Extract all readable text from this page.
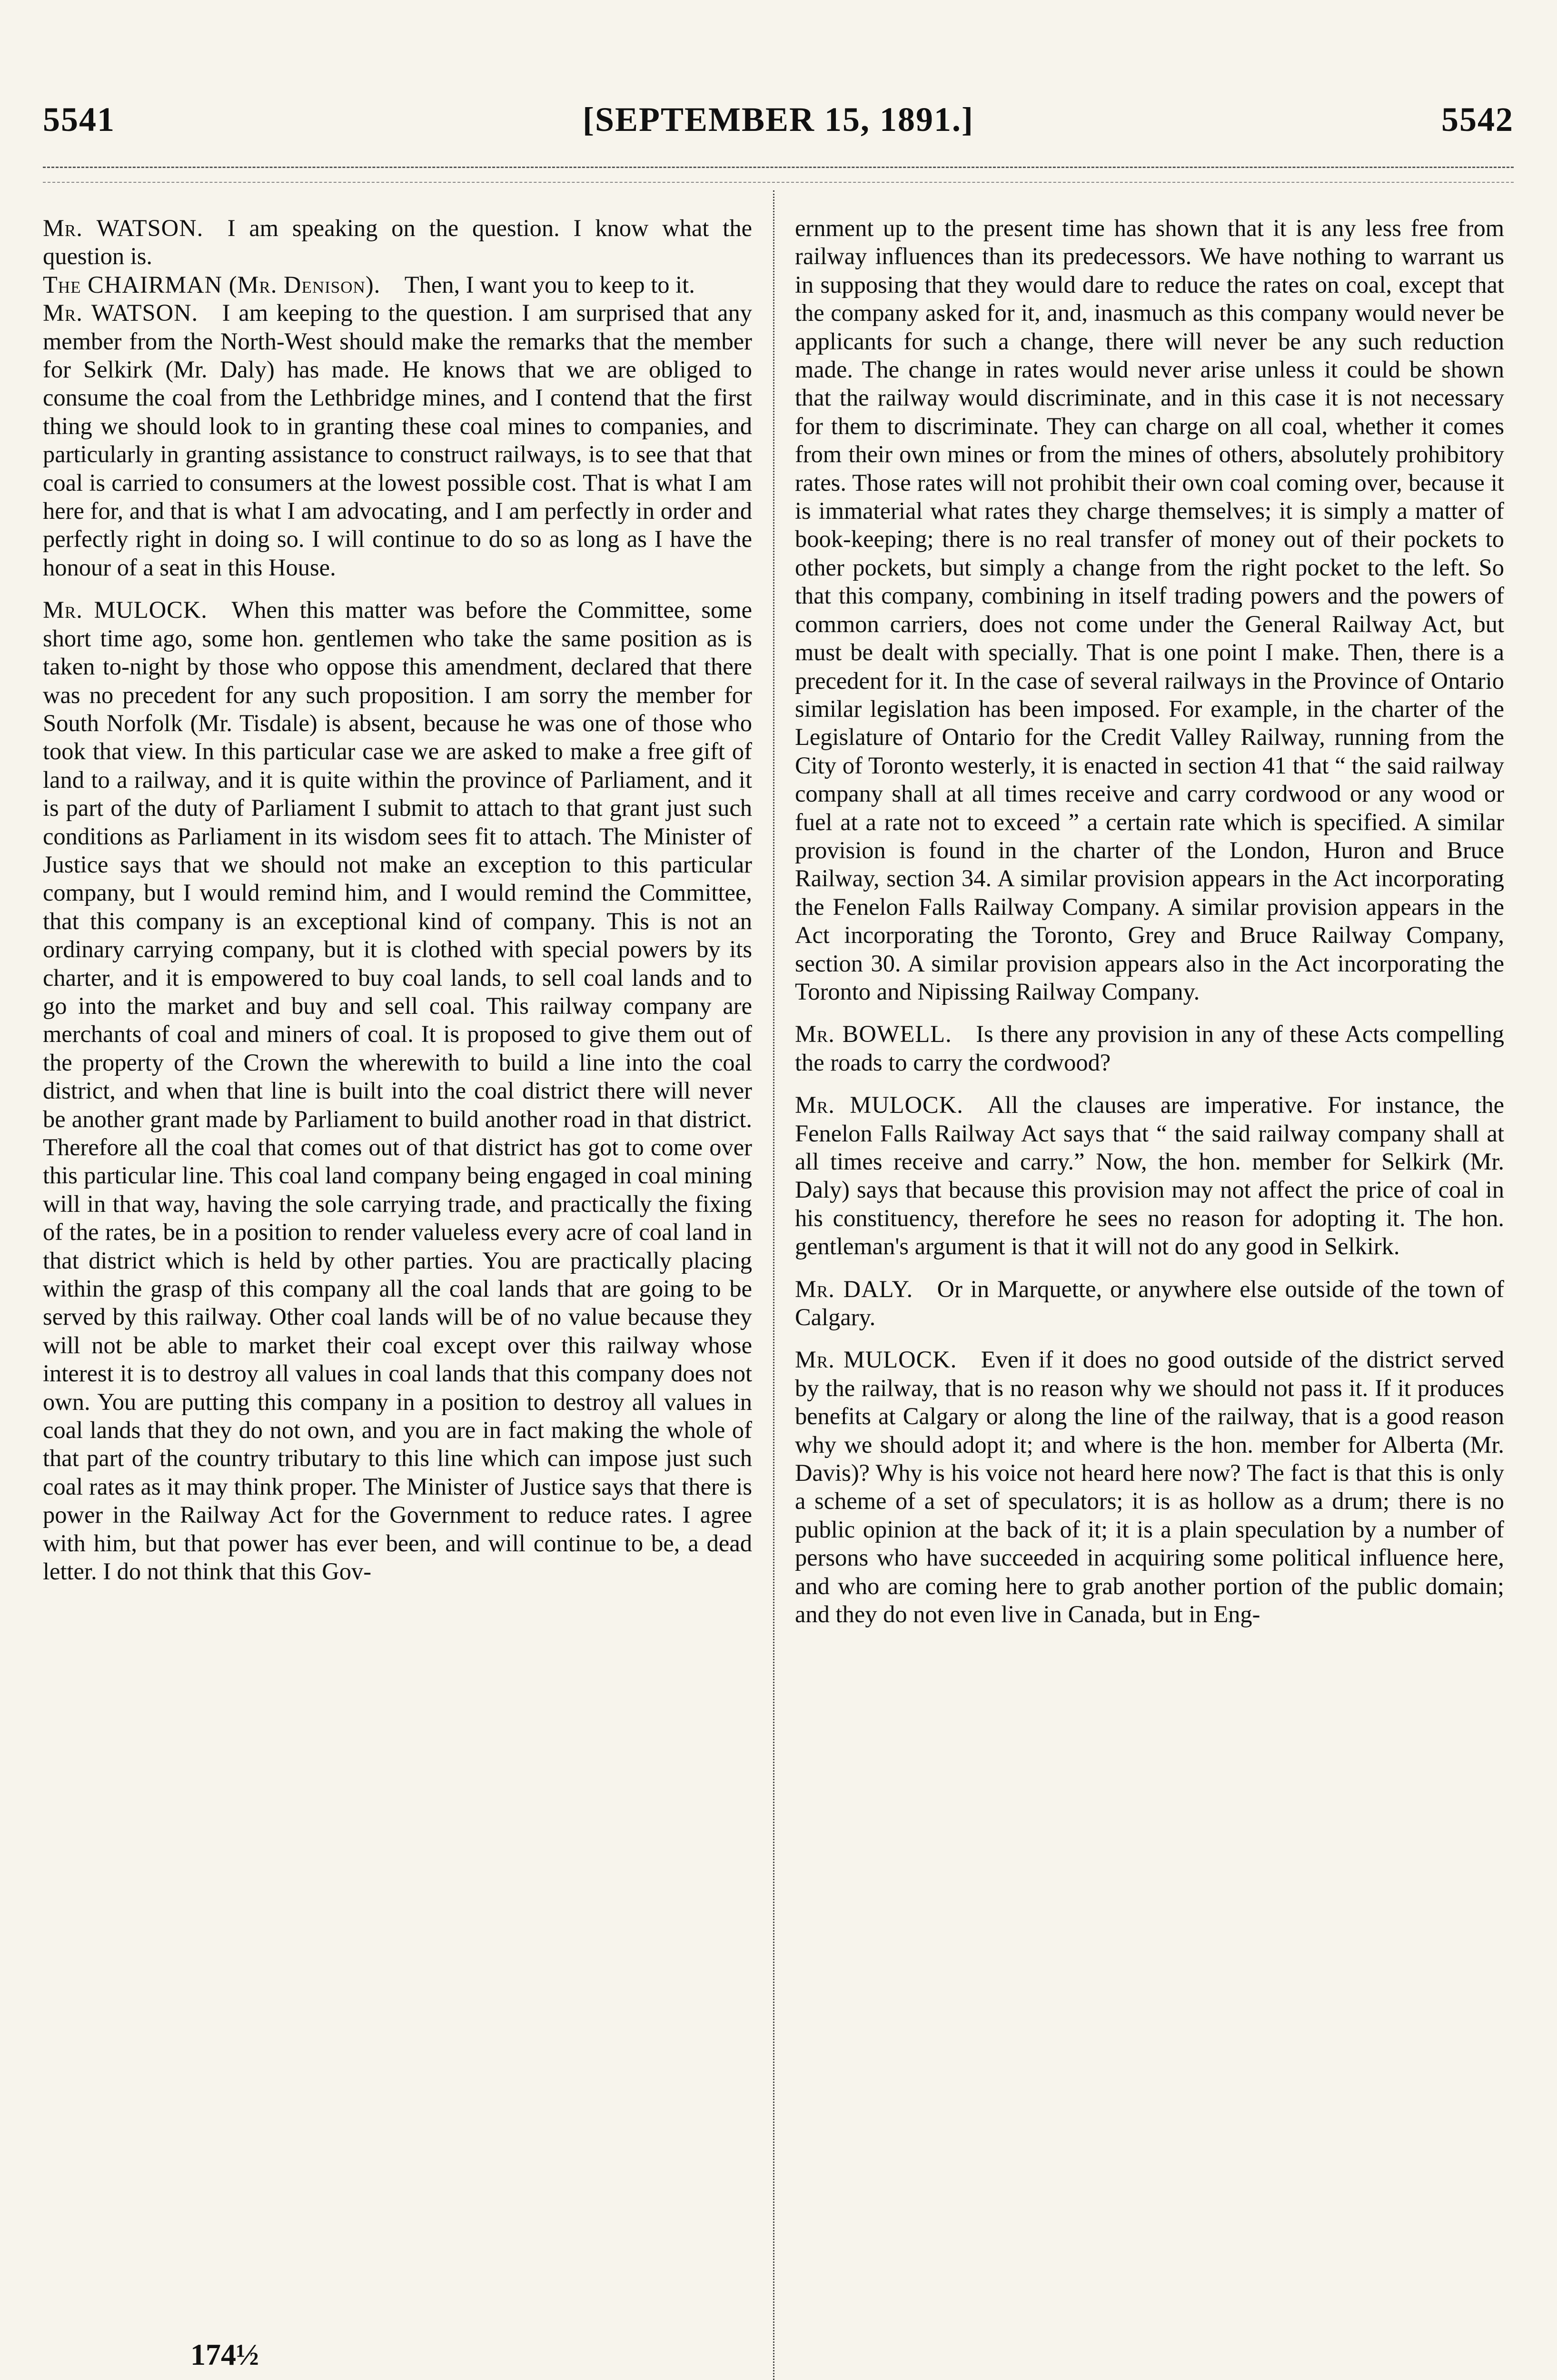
5541	[SEPTEMBER 15, 1891.]	5542

Mr. WATSON.  I am speaking on the question. I know what the question is.

The CHAIRMAN (Mr. Denison).  Then, I want you to keep to it.

Mr. WATSON.  I am keeping to the question. I am surprised that any member from the North-West should make the remarks that the member for Selkirk (Mr. Daly) has made. He knows that we are obliged to consume the coal from the Lethbridge mines, and I contend that the first thing we should look to in granting these coal mines to companies, and particularly in granting assistance to construct railways, is to see that that coal is carried to consumers at the lowest possible cost. That is what I am here for, and that is what I am advocating, and I am perfectly in order and perfectly right in doing so. I will continue to do so as long as I have the honour of a seat in this House.

Mr. MULOCK.  When this matter was before the Committee, some short time ago, some hon. gentlemen who take the same position as is taken to-night by those who oppose this amendment, declared that there was no precedent for any such proposition. I am sorry the member for South Norfolk (Mr. Tisdale) is absent, because he was one of those who took that view. In this particular case we are asked to make a free gift of land to a railway, and it is quite within the province of Parliament, and it is part of the duty of Parliament I submit to attach to that grant just such conditions as Parliament in its wisdom sees fit to attach. The Minister of Justice says that we should not make an exception to this particular company, but I would remind him, and I would remind the Committee, that this company is an exceptional kind of company. This is not an ordinary carrying company, but it is clothed with special powers by its charter, and it is empowered to buy coal lands, to sell coal lands and to go into the market and buy and sell coal. This railway company are merchants of coal and miners of coal. It is proposed to give them out of the property of the Crown the wherewith to build a line into the coal district, and when that line is built into the coal district there will never be another grant made by Parliament to build another road in that district. Therefore all the coal that comes out of that district has got to come over this particular line. This coal land company being engaged in coal mining will in that way, having the sole carrying trade, and practically the fixing of the rates, be in a position to render valueless every acre of coal land in that district which is held by other parties. You are practically placing within the grasp of this company all the coal lands that are going to be served by this railway. Other coal lands will be of no value because they will not be able to market their coal except over this railway whose interest it is to destroy all values in coal lands that this company does not own. You are putting this company in a position to destroy all values in coal lands that they do not own, and you are in fact making the whole of that part of the country tributary to this line which can impose just such coal rates as it may think proper. The Minister of Justice says that there is power in the Railway Act for the Government to reduce rates. I agree with him, but that power has ever been, and will continue to be, a dead letter. I do not think that this Gov-

ernment up to the present time has shown that it is any less free from railway influences than its predecessors. We have nothing to warrant us in supposing that they would dare to reduce the rates on coal, except that the company asked for it, and, inasmuch as this company would never be applicants for such a change, there will never be any such reduction made. The change in rates would never arise unless it could be shown that the railway would discriminate, and in this case it is not necessary for them to discriminate. They can charge on all coal, whether it comes from their own mines or from the mines of others, absolutely prohibitory rates. Those rates will not prohibit their own coal coming over, because it is immaterial what rates they charge themselves; it is simply a matter of book-keeping; there is no real transfer of money out of their pockets to other pockets, but simply a change from the right pocket to the left. So that this company, combining in itself trading powers and the powers of common carriers, does not come under the General Railway Act, but must be dealt with specially. That is one point I make. Then, there is a precedent for it. In the case of several railways in the Province of Ontario similar legislation has been imposed. For example, in the charter of the Legislature of Ontario for the Credit Valley Railway, running from the City of Toronto westerly, it is enacted in section 41 that “ the said railway company shall at all times receive and carry cordwood or any wood or fuel at a rate not to exceed ” a certain rate which is specified. A similar provision is found in the charter of the London, Huron and Bruce Railway, section 34. A similar provision appears in the Act incorporating the Fenelon Falls Railway Company. A similar provision appears in the Act incorporating the Toronto, Grey and Bruce Railway Company, section 30. A similar provision appears also in the Act incorporating the Toronto and Nipissing Railway Company.

Mr. BOWELL.  Is there any provision in any of these Acts compelling the roads to carry the cordwood?

Mr. MULOCK.  All the clauses are imperative. For instance, the Fenelon Falls Railway Act says that “ the said railway company shall at all times receive and carry.” Now, the hon. member for Selkirk (Mr. Daly) says that because this provision may not affect the price of coal in his constituency, therefore he sees no reason for adopting it. The hon. gentleman's argument is that it will not do any good in Selkirk.

Mr. DALY.  Or in Marquette, or anywhere else outside of the town of Calgary.

Mr. MULOCK.  Even if it does no good outside of the district served by the railway, that is no reason why we should not pass it. If it produces benefits at Calgary or along the line of the railway, that is a good reason why we should adopt it; and where is the hon. member for Alberta (Mr. Davis)? Why is his voice not heard here now? The fact is that this is only a scheme of a set of speculators; it is as hollow as a drum; there is no public opinion at the back of it; it is a plain speculation by a number of persons who have succeeded in acquiring some political influence here, and who are coming here to grab another portion of the public domain; and they do not even live in Canada, but in Eng-

174½
